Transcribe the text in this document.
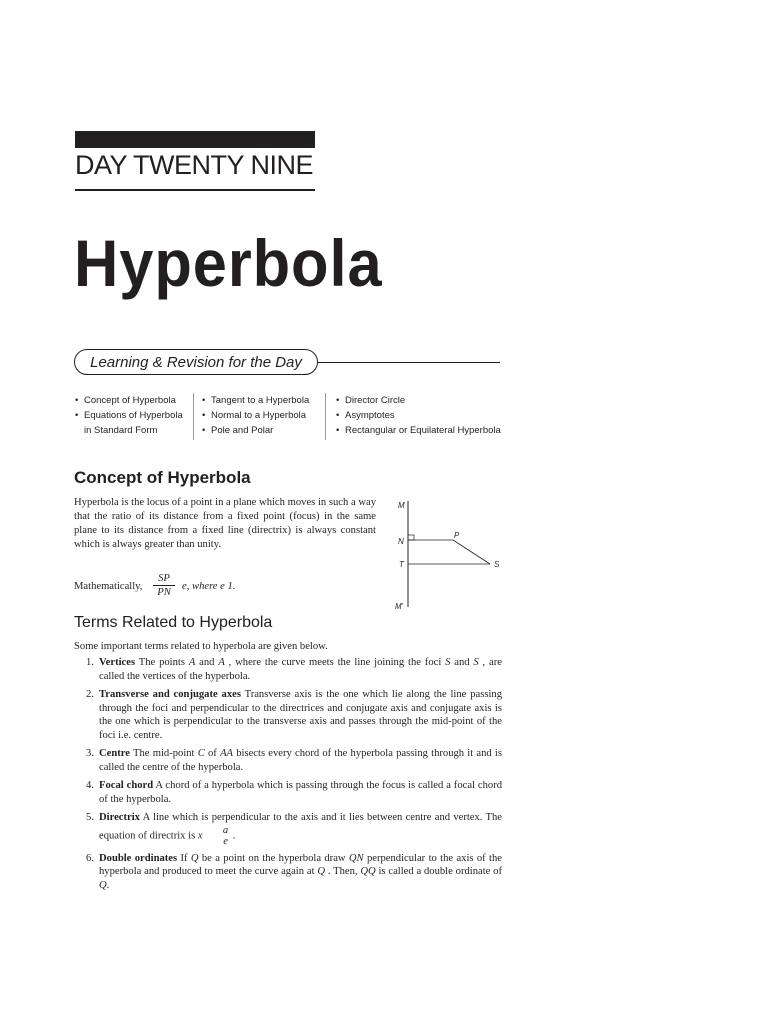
DAY TWENTY NINE
Hyperbola
Learning & Revision for the Day
• Concept of Hyperbola
• Equations of Hyperbola in Standard Form
• Tangent to a Hyperbola
• Normal to a Hyperbola
• Pole and Polar
• Director Circle
• Asymptotes
• Rectangular or Equilateral Hyperbola
Concept of Hyperbola
Hyperbola is the locus of a point in a plane which moves in such a way that the ratio of its distance from a fixed point (focus) in the same plane to its distance from a fixed line (directrix) is always constant which is always greater than unity.
Mathematically, $\frac{SP}{PN} e$, where e 1.
M
N
P
T	S
M'
Terms Related to Hyperbola
Some important terms related to hyperbola are given below.
1. Vertices The points A and A , where the curve meets the line joining the foci S and S , are called the vertices of the hyperbola.
2. Transverse and conjugate axes Transverse axis is the one which lie along the line passing through the foci and perpendicular to the directrices and conjugate axis and conjugate axis is the one which is perpendicular to the transverse axis and passes through the mid-point of the foci i.e. centre.
3. Centre The mid-point C of AA bisects every chord of the hyperbola passing through it and is called the centre of the hyperbola.
4. Focal chord A chord of a hyperbola which is passing through the focus is called a focal chord of the hyperbola.
5. Directrix A line which is perpendicular to the axis and it lies between centre and vertex. The equation of directrix is x	a
e
.
6. Double ordinates If Q be a point on the hyperbola draw QN perpendicular to the axis of the hyperbola and produced to meet the curve again at Q . Then, QQ is called a double ordinate of Q.
